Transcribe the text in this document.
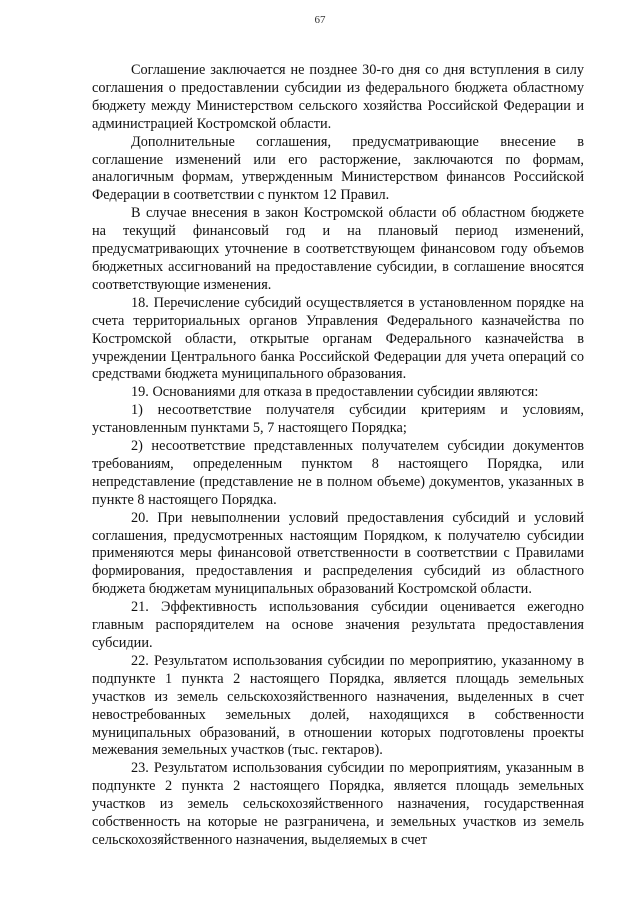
67

Соглашение заключается не позднее 30-го дня со дня вступления в силу соглашения о предоставлении субсидии из федерального бюджета областному бюджету между Министерством сельского хозяйства Российской Федерации и администрацией Костромской области.

Дополнительные соглашения, предусматривающие внесение в соглашение изменений или его расторжение, заключаются по формам, аналогичным формам, утвержденным Министерством финансов Российской Федерации в соответствии с пунктом 12 Правил.

В случае внесения в закон Костромской области об областном бюджете на текущий финансовый год и на плановый период изменений, предусматривающих уточнение в соответствующем финансовом году объемов бюджетных ассигнований на предоставление субсидии, в соглашение вносятся соответствующие изменения.

18. Перечисление субсидий осуществляется в установленном порядке на счета территориальных органов Управления Федерального казначейства по Костромской области, открытые органам Федерального казначейства в учреждении Центрального банка Российской Федерации для учета операций со средствами бюджета муниципального образования.

19. Основаниями для отказа в предоставлении субсидии являются:

1) несоответствие получателя субсидии критериям и условиям, установленным пунктами 5, 7 настоящего Порядка;

2) несоответствие представленных получателем субсидии документов требованиям, определенным пунктом 8 настоящего Порядка, или непредставление (представление не в полном объеме) документов, указанных в пункте 8 настоящего Порядка.

20. При невыполнении условий предоставления субсидий и условий соглашения, предусмотренных настоящим Порядком, к получателю субсидии применяются меры финансовой ответственности в соответствии с Правилами формирования, предоставления и распределения субсидий из областного бюджета бюджетам муниципальных образований Костромской области.

21. Эффективность использования субсидии оценивается ежегодно главным распорядителем на основе значения результата предоставления субсидии.

22. Результатом использования субсидии по мероприятию, указанному в подпункте 1 пункта 2 настоящего Порядка, является площадь земельных участков из земель сельскохозяйственного назначения, выделенных в счет невостребованных земельных долей, находящихся в собственности муниципальных образований, в отношении которых подготовлены проекты межевания земельных участков (тыс. гектаров).

23. Результатом использования субсидии по мероприятиям, указанным в подпункте 2 пункта 2 настоящего Порядка, является площадь земельных участков из земель сельскохозяйственного назначения, государственная собственность на которые не разграничена, и земельных участков из земель сельскохозяйственного назначения, выделяемых в счет
